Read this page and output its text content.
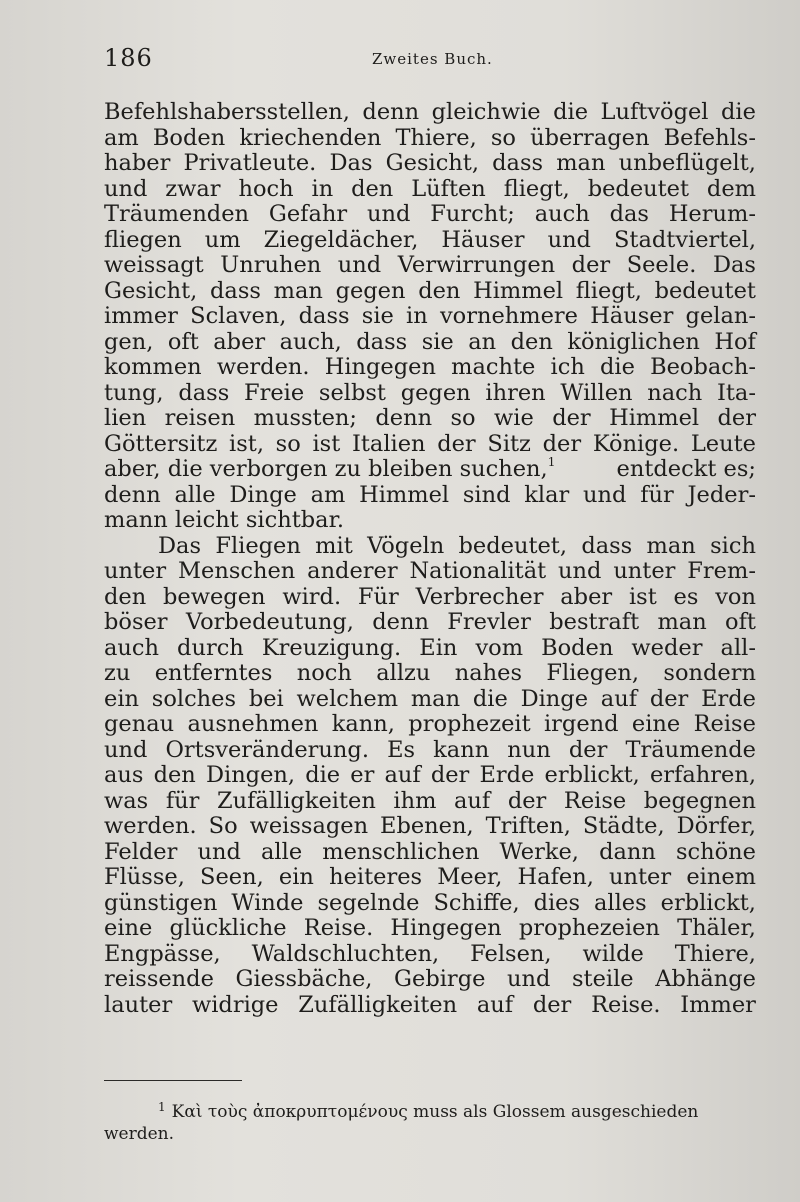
186	Zweites Buch.
Befehlshabersstellen, denn gleichwie die Luftvögel die
am Boden kriechenden Thiere, so überragen Befehls-
haber Privatleute. Das Gesicht, dass man unbeflügelt,
und zwar hoch in den Lüften fliegt, bedeutet dem
Träumenden Gefahr und Furcht; auch das Herum-
fliegen um Ziegeldächer, Häuser und Stadtviertel,
weissagt Unruhen und Verwirrungen der Seele. Das
Gesicht, dass man gegen den Himmel fliegt, bedeutet
immer Sclaven, dass sie in vornehmere Häuser gelan-
gen, oft aber auch, dass sie an den königlichen Hof
kommen werden. Hingegen machte ich die Beobach-
tung, dass Freie selbst gegen ihren Willen nach Ita-
lien reisen mussten; denn so wie der Himmel der
Göttersitz ist, so ist Italien der Sitz der Könige. Leute
aber, die verborgen zu bleiben suchen,$^1$	entdeckt es;
denn alle Dinge am Himmel sind klar und für Jeder-
mann leicht sichtbar.
Das Fliegen mit Vögeln bedeutet, dass man sich
unter Menschen anderer Nationalität und unter Frem-
den bewegen wird. Für Verbrecher aber ist es von
böser Vorbedeutung, denn Frevler bestraft man oft
auch durch Kreuzigung. Ein vom Boden weder all-
zu entferntes noch allzu nahes Fliegen, sondern
ein solches bei welchem man die Dinge auf der Erde
genau ausnehmen kann, prophezeit irgend eine Reise
und Ortsveränderung. Es kann nun der Träumende
aus den Dingen, die er auf der Erde erblickt, erfahren,
was für Zufälligkeiten ihm auf der Reise begegnen
werden. So weissagen Ebenen, Triften, Städte, Dörfer,
Felder und alle menschlichen Werke, dann schöne
Flüsse, Seen, ein heiteres Meer, Hafen, unter einem
günstigen Winde segelnde Schiffe, dies alles erblickt,
eine glückliche Reise. Hingegen prophezeien Thäler,
Engpässe, Waldschluchten, Felsen, wilde Thiere,
reissende Giessbäche, Gebirge und steile Abhänge
lauter widrige Zufälligkeiten auf der Reise. Immer
$^1$ Καὶ τοὺς ἀποκρυπτομένους muss als Glossem ausgeschieden
werden.
